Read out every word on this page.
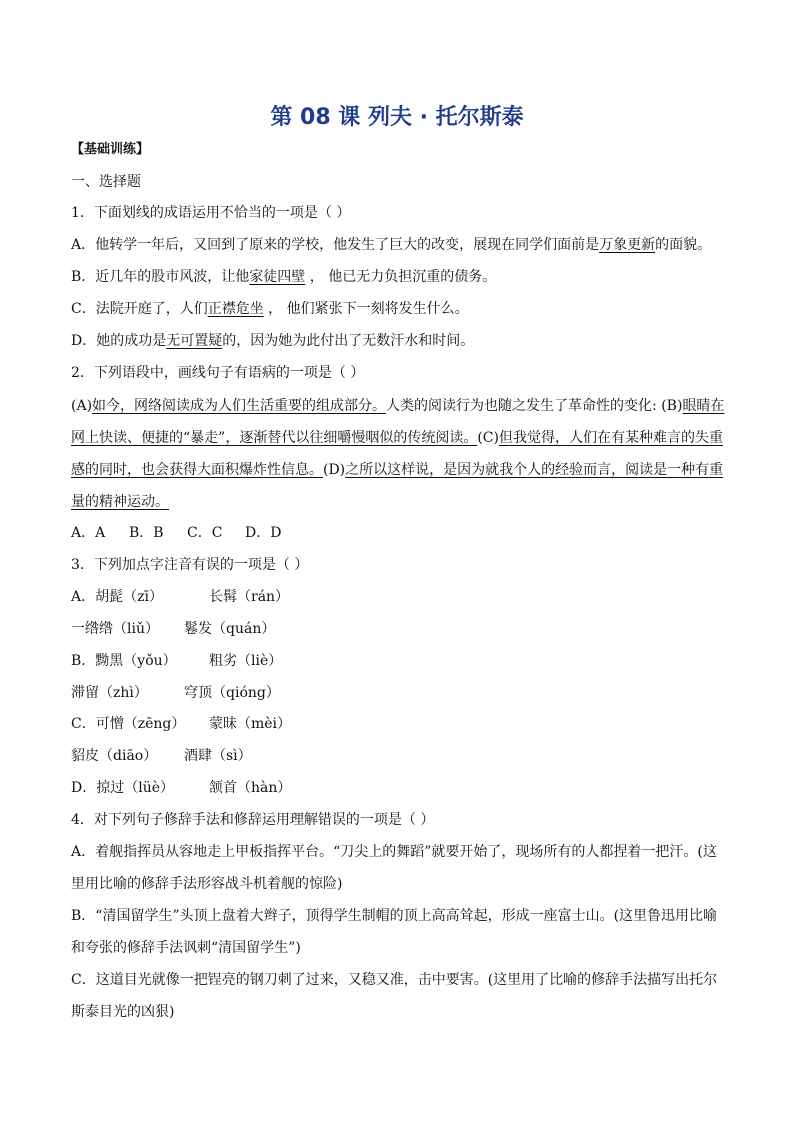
第 08 课 列夫 · 托尔斯泰
【基础训练】
一、选择题
1．下面划线的成语运用不恰当的一项是（ ）
A．他转学一年后，又回到了原来的学校，他发生了巨大的改变，展现在同学们面前是万象更新的面貌。
B．近几年的股市风波，让他家徒四壁 ， 他已无力负担沉重的债务。
C．法院开庭了，人们正襟危坐 ， 他们紧张下一刻将发生什么。
D．她的成功是无可置疑的，因为她为此付出了无数汗水和时间。
2．下列语段中，画线句子有语病的一项是（ ）
(A)如今，网络阅读成为人们生活重要的组成部分。人类的阅读行为也随之发生了革命性的变化: (B)眼睛在
网上快读、便捷的“暴走”，逐渐替代以往细嚼慢咽似的传统阅读。(C)但我觉得，人们在有某种难言的失重
感的同时，也会获得大面积爆炸性信息。(D)之所以这样说，是因为就我个人的经验而言，阅读是一种有重
量的精神运动。
A．A B．B C．C D．D
3．下列加点字注音有误的一项是（ ）
A．胡髭（zī）	长髯（rán）
一绺绺（liǔ） 鬈发（quán）
B．黝黑（yǒu） 粗劣（liè）
滞留（zhì）	穹顶（qióng）
C．可憎（zēng） 蒙昧（mèi）
貂皮（diāo） 酒肆（sì）
D．掠过（lüè） 颔首（hàn）
4．对下列句子修辞手法和修辞运用理解错误的一项是（ ）
A．着舰指挥员从容地走上甲板指挥平台。“刀尖上的舞蹈”就要开始了，现场所有的人都捏着一把汗。(这
里用比喻的修辞手法形容战斗机着舰的惊险)
B．“清国留学生”头顶上盘着大辫子，顶得学生制帽的顶上高高耸起，形成一座富士山。(这里鲁迅用比喻
和夸张的修辞手法讽刺“清国留学生”)
C．这道目光就像一把锃亮的钢刀刺了过来，又稳又准，击中要害。(这里用了比喻的修辞手法描写出托尔
斯泰目光的凶狠)
